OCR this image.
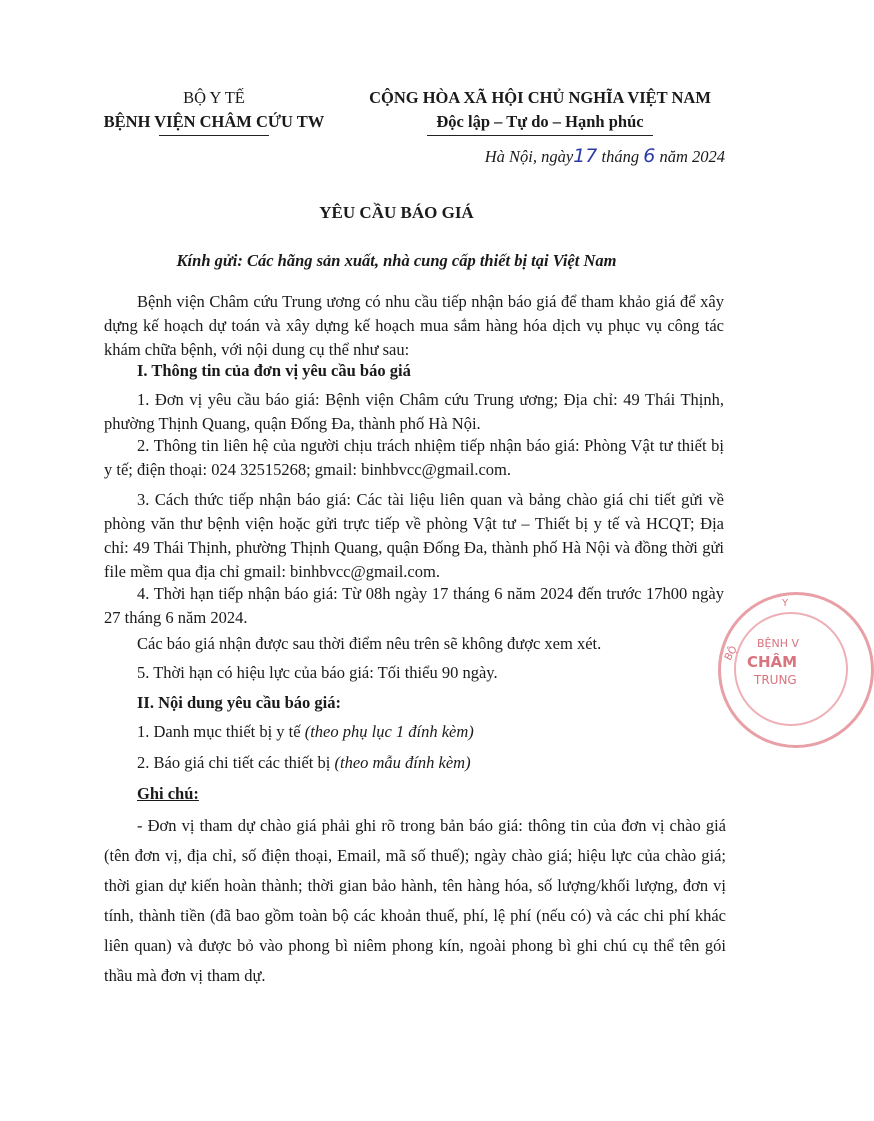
BỘ Y TẾ
BỆNH VIỆN CHÂM CỨU TW
CỘNG HÒA XÃ HỘI CHỦ NGHĨA VIỆT NAM
Độc lập – Tự do – Hạnh phúc
Hà Nội, ngày17 tháng 6 năm 2024
YÊU CẦU BÁO GIÁ
Kính gửi: Các hãng sản xuất, nhà cung cấp thiết bị tại Việt Nam
Bệnh viện Châm cứu Trung ương có nhu cầu tiếp nhận báo giá để tham khảo giá để xây dựng kế hoạch dự toán và xây dựng kế hoạch mua sắm hàng hóa dịch vụ phục vụ công tác khám chữa bệnh, với nội dung cụ thể như sau:
I. Thông tin của đơn vị yêu cầu báo giá
1. Đơn vị yêu cầu báo giá: Bệnh viện Châm cứu Trung ương; Địa chỉ: 49 Thái Thịnh, phường Thịnh Quang, quận Đống Đa, thành phố Hà Nội.
2. Thông tin liên hệ của người chịu trách nhiệm tiếp nhận báo giá: Phòng Vật tư thiết bị y tế; điện thoại: 024 32515268; gmail: binhbvcc@gmail.com.
3. Cách thức tiếp nhận báo giá: Các tài liệu liên quan và bảng chào giá chi tiết gửi về phòng văn thư bệnh viện hoặc gửi trực tiếp về phòng Vật tư – Thiết bị y tế và HCQT; Địa chỉ: 49 Thái Thịnh, phường Thịnh Quang, quận Đống Đa, thành phố Hà Nội và đồng thời gửi file mềm qua địa chỉ gmail: binhbvcc@gmail.com.
4. Thời hạn tiếp nhận báo giá: Từ 08h ngày 17 tháng 6 năm 2024 đến trước 17h00 ngày 27 tháng 6 năm 2024.
Các báo giá nhận được sau thời điểm nêu trên sẽ không được xem xét.
5. Thời hạn có hiệu lực của báo giá: Tối thiểu 90 ngày.
II. Nội dung yêu cầu báo giá:
1. Danh mục thiết bị y tế (theo phụ lục 1 đính kèm)
2. Báo giá chi tiết các thiết bị (theo mẫu đính kèm)
Ghi chú:
- Đơn vị tham dự chào giá phải ghi rõ trong bản báo giá: thông tin của đơn vị chào giá (tên đơn vị, địa chỉ, số điện thoại, Email, mã số thuế); ngày chào giá; hiệu lực của chào giá; thời gian dự kiến hoàn thành; thời gian bảo hành, tên hàng hóa, số lượng/khối lượng, đơn vị tính, thành tiền (đã bao gồm toàn bộ các khoản thuế, phí, lệ phí (nếu có) và các chi phí khác liên quan) và được bỏ vào phong bì niêm phong kín, ngoài phong bì ghi chú cụ thể tên gói thầu mà đơn vị tham dự.
BỆNH V
CHÂM
TRUNG
BỘ
Y
